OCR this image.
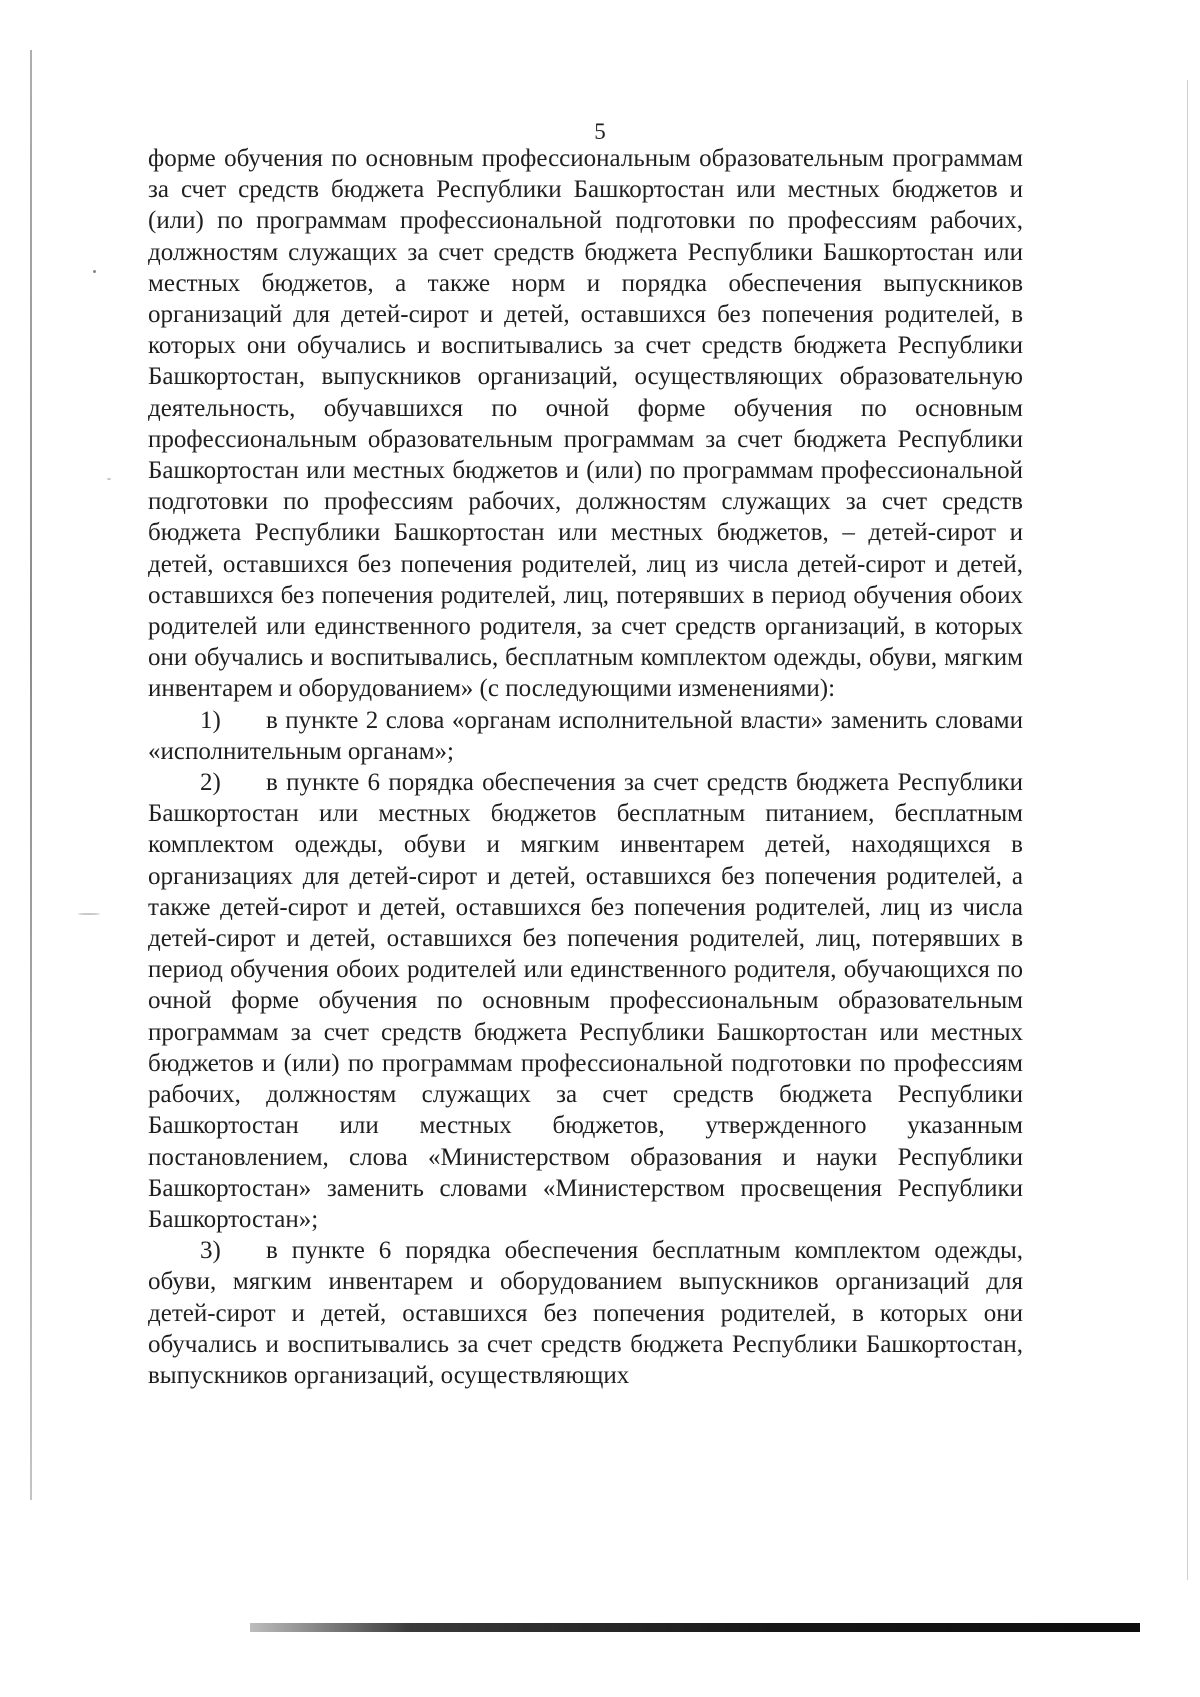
5

форме обучения по основным профессиональным образовательным программам за счет средств бюджета Республики Башкортостан или местных бюджетов и (или) по программам профессиональной подготовки по профессиям рабочих, должностям служащих за счет средств бюджета Республики Башкортостан или местных бюджетов, а также норм и порядка обеспечения выпускников организаций для детей-сирот и детей, оставшихся без попечения родителей, в которых они обучались и воспитывались за счет средств бюджета Республики Башкортостан, выпускников организаций, осуществляющих образовательную деятельность, обучавшихся по очной форме обучения по основным профессиональным образовательным программам за счет бюджета Республики Башкортостан или местных бюджетов и (или) по программам профессиональной подготовки по профессиям рабочих, должностям служащих за счет средств бюджета Республики Башкортостан или местных бюджетов, – детей-сирот и детей, оставшихся без попечения родителей, лиц из числа детей-сирот и детей, оставшихся без попечения родителей, лиц, потерявших в период обучения обоих родителей или единственного родителя, за счет средств организаций, в которых они обучались и воспитывались, бесплатным комплектом одежды, обуви, мягким инвентарем и оборудованием» (с последующими изменениями):

1) в пункте 2 слова «органам исполнительной власти» заменить словами «исполнительным органам»;

2) в пункте 6 порядка обеспечения за счет средств бюджета Республики Башкортостан или местных бюджетов бесплатным питанием, бесплатным комплектом одежды, обуви и мягким инвентарем детей, находящихся в организациях для детей-сирот и детей, оставшихся без попечения родителей, а также детей-сирот и детей, оставшихся без попечения родителей, лиц из числа детей-сирот и детей, оставшихся без попечения родителей, лиц, потерявших в период обучения обоих родителей или единственного родителя, обучающихся по очной форме обучения по основным профессиональным образовательным программам за счет средств бюджета Республики Башкортостан или местных бюджетов и (или) по программам профессиональной подготовки по профессиям рабочих, должностям служащих за счет средств бюджета Республики Башкортостан или местных бюджетов, утвержденного указанным постановлением, слова «Министерством образования и науки Республики Башкортостан» заменить словами «Министерством просвещения Республики Башкортостан»;

3) в пункте 6 порядка обеспечения бесплатным комплектом одежды, обуви, мягким инвентарем и оборудованием выпускников организаций для детей-сирот и детей, оставшихся без попечения родителей, в которых они обучались и воспитывались за счет средств бюджета Республики Башкортостан, выпускников организаций, осуществляющих
